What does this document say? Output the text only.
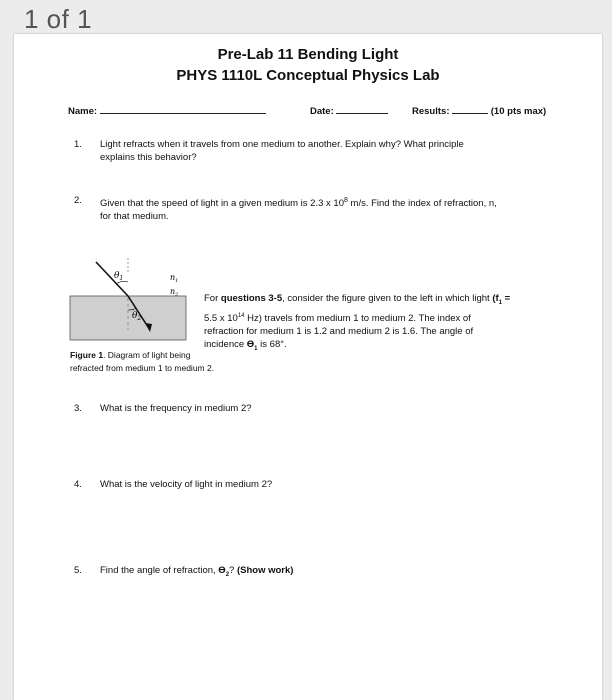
1 of 1
Pre-Lab 11 Bending Light
PHYS 1110L Conceptual Physics Lab
Name:	Date:	Results:	(10 pts max)
1. Light refracts when it travels from one medium to another. Explain why? What principle
explains this behavior?
2. Given that the speed of light in a given medium is 2.3 x $10^8$ m/s. Find the index of refraction, n,
for that medium.
$\theta_1$
$\theta_2$
$n_1$
$n_2$
Figure 1. Diagram of light being refracted from medium 1 to medium 2.
For questions 3-5, consider the figure given to the left in which light ($f_1$ =
5.5 x $10^{14}$ Hz) travels from medium 1 to medium 2. The index of
refraction for medium 1 is 1.2 and medium 2 is 1.6. The angle of
incidence $ϴ_1$ is 68°.
3. What is the frequency in medium 2?
4. What is the velocity of light in medium 2?
5. Find the angle of refraction, $ϴ_2$? (Show work)
